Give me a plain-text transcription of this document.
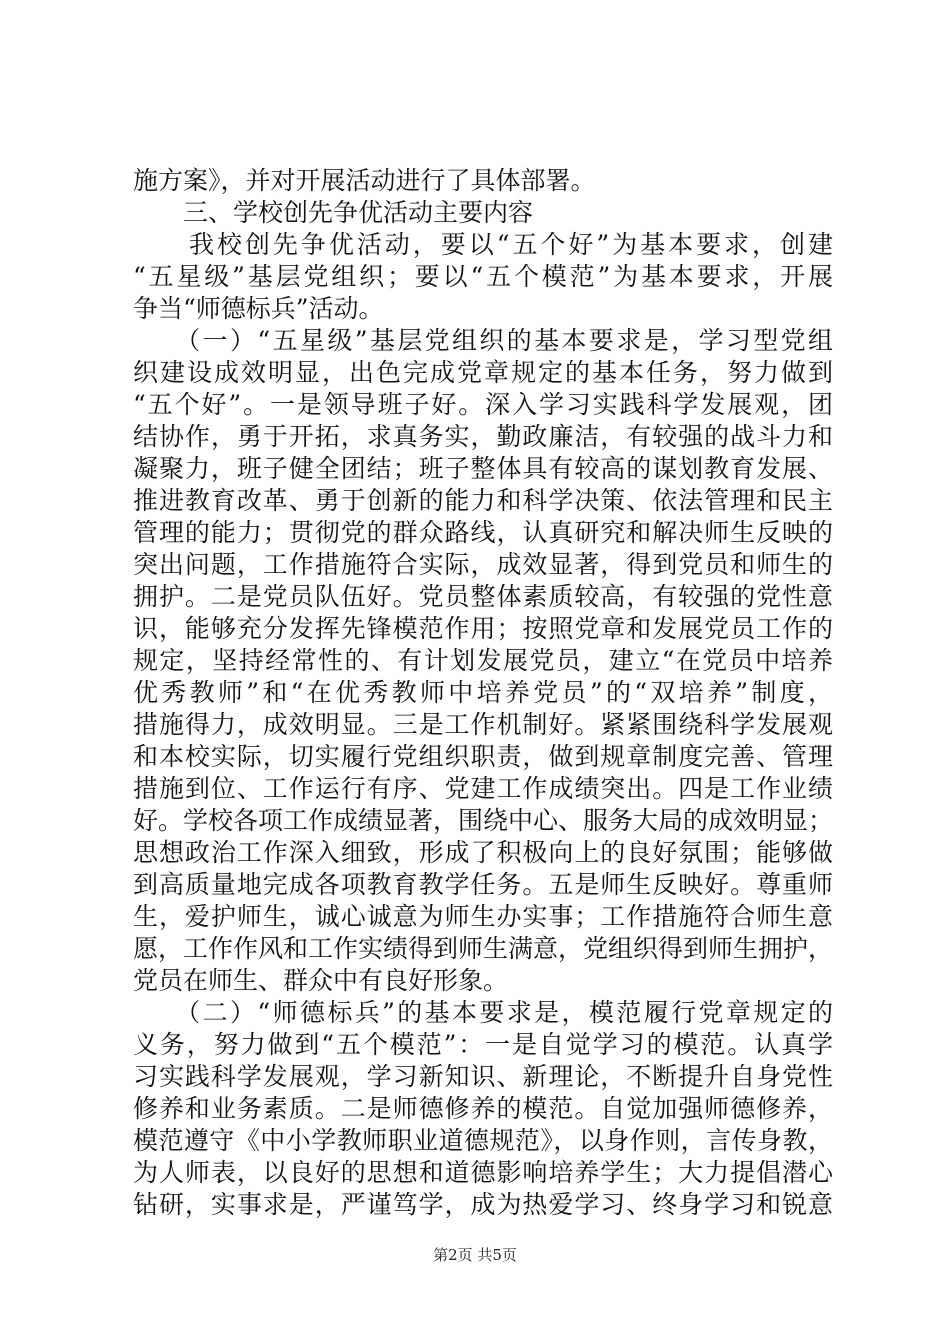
施方案》，并对开展活动进行了具体部署。
　　三、学校创先争优活动主要内容
　　我校创先争优活动，要以“五个好”为基本要求，创建
“五星级”基层党组织；要以“五个模范”为基本要求，开展
争当“师德标兵”活动。
　　（一）“五星级”基层党组织的基本要求是，学习型党组
织建设成效明显，出色完成党章规定的基本任务，努力做到
“五个好”。一是领导班子好。深入学习实践科学发展观，团
结协作，勇于开拓，求真务实，勤政廉洁，有较强的战斗力和
凝聚力，班子健全团结；班子整体具有较高的谋划教育发展、
推进教育改革、勇于创新的能力和科学决策、依法管理和民主
管理的能力；贯彻党的群众路线，认真研究和解决师生反映的
突出问题，工作措施符合实际，成效显著，得到党员和师生的
拥护。二是党员队伍好。党员整体素质较高，有较强的党性意
识，能够充分发挥先锋模范作用；按照党章和发展党员工作的
规定，坚持经常性的、有计划发展党员，建立“在党员中培养
优秀教师”和“在优秀教师中培养党员”的“双培养”制度，
措施得力，成效明显。三是工作机制好。紧紧围绕科学发展观
和本校实际，切实履行党组织职责，做到规章制度完善、管理
措施到位、工作运行有序、党建工作成绩突出。四是工作业绩
好。学校各项工作成绩显著，围绕中心、服务大局的成效明显；
思想政治工作深入细致，形成了积极向上的良好氛围；能够做
到高质量地完成各项教育教学任务。五是师生反映好。尊重师
生，爱护师生，诚心诚意为师生办实事；工作措施符合师生意
愿，工作作风和工作实绩得到师生满意，党组织得到师生拥护，
党员在师生、群众中有良好形象。
　　（二）“师德标兵”的基本要求是，模范履行党章规定的
义务，努力做到“五个模范”：一是自觉学习的模范。认真学
习实践科学发展观，学习新知识、新理论，不断提升自身党性
修养和业务素质。二是师德修养的模范。自觉加强师德修养，
模范遵守《中小学教师职业道德规范》，以身作则，言传身教，
为人师表，以良好的思想和道德影响培养学生；大力提倡潜心
钻研，实事求是，严谨笃学，成为热爱学习、终身学习和锐意
第2页 共5页
